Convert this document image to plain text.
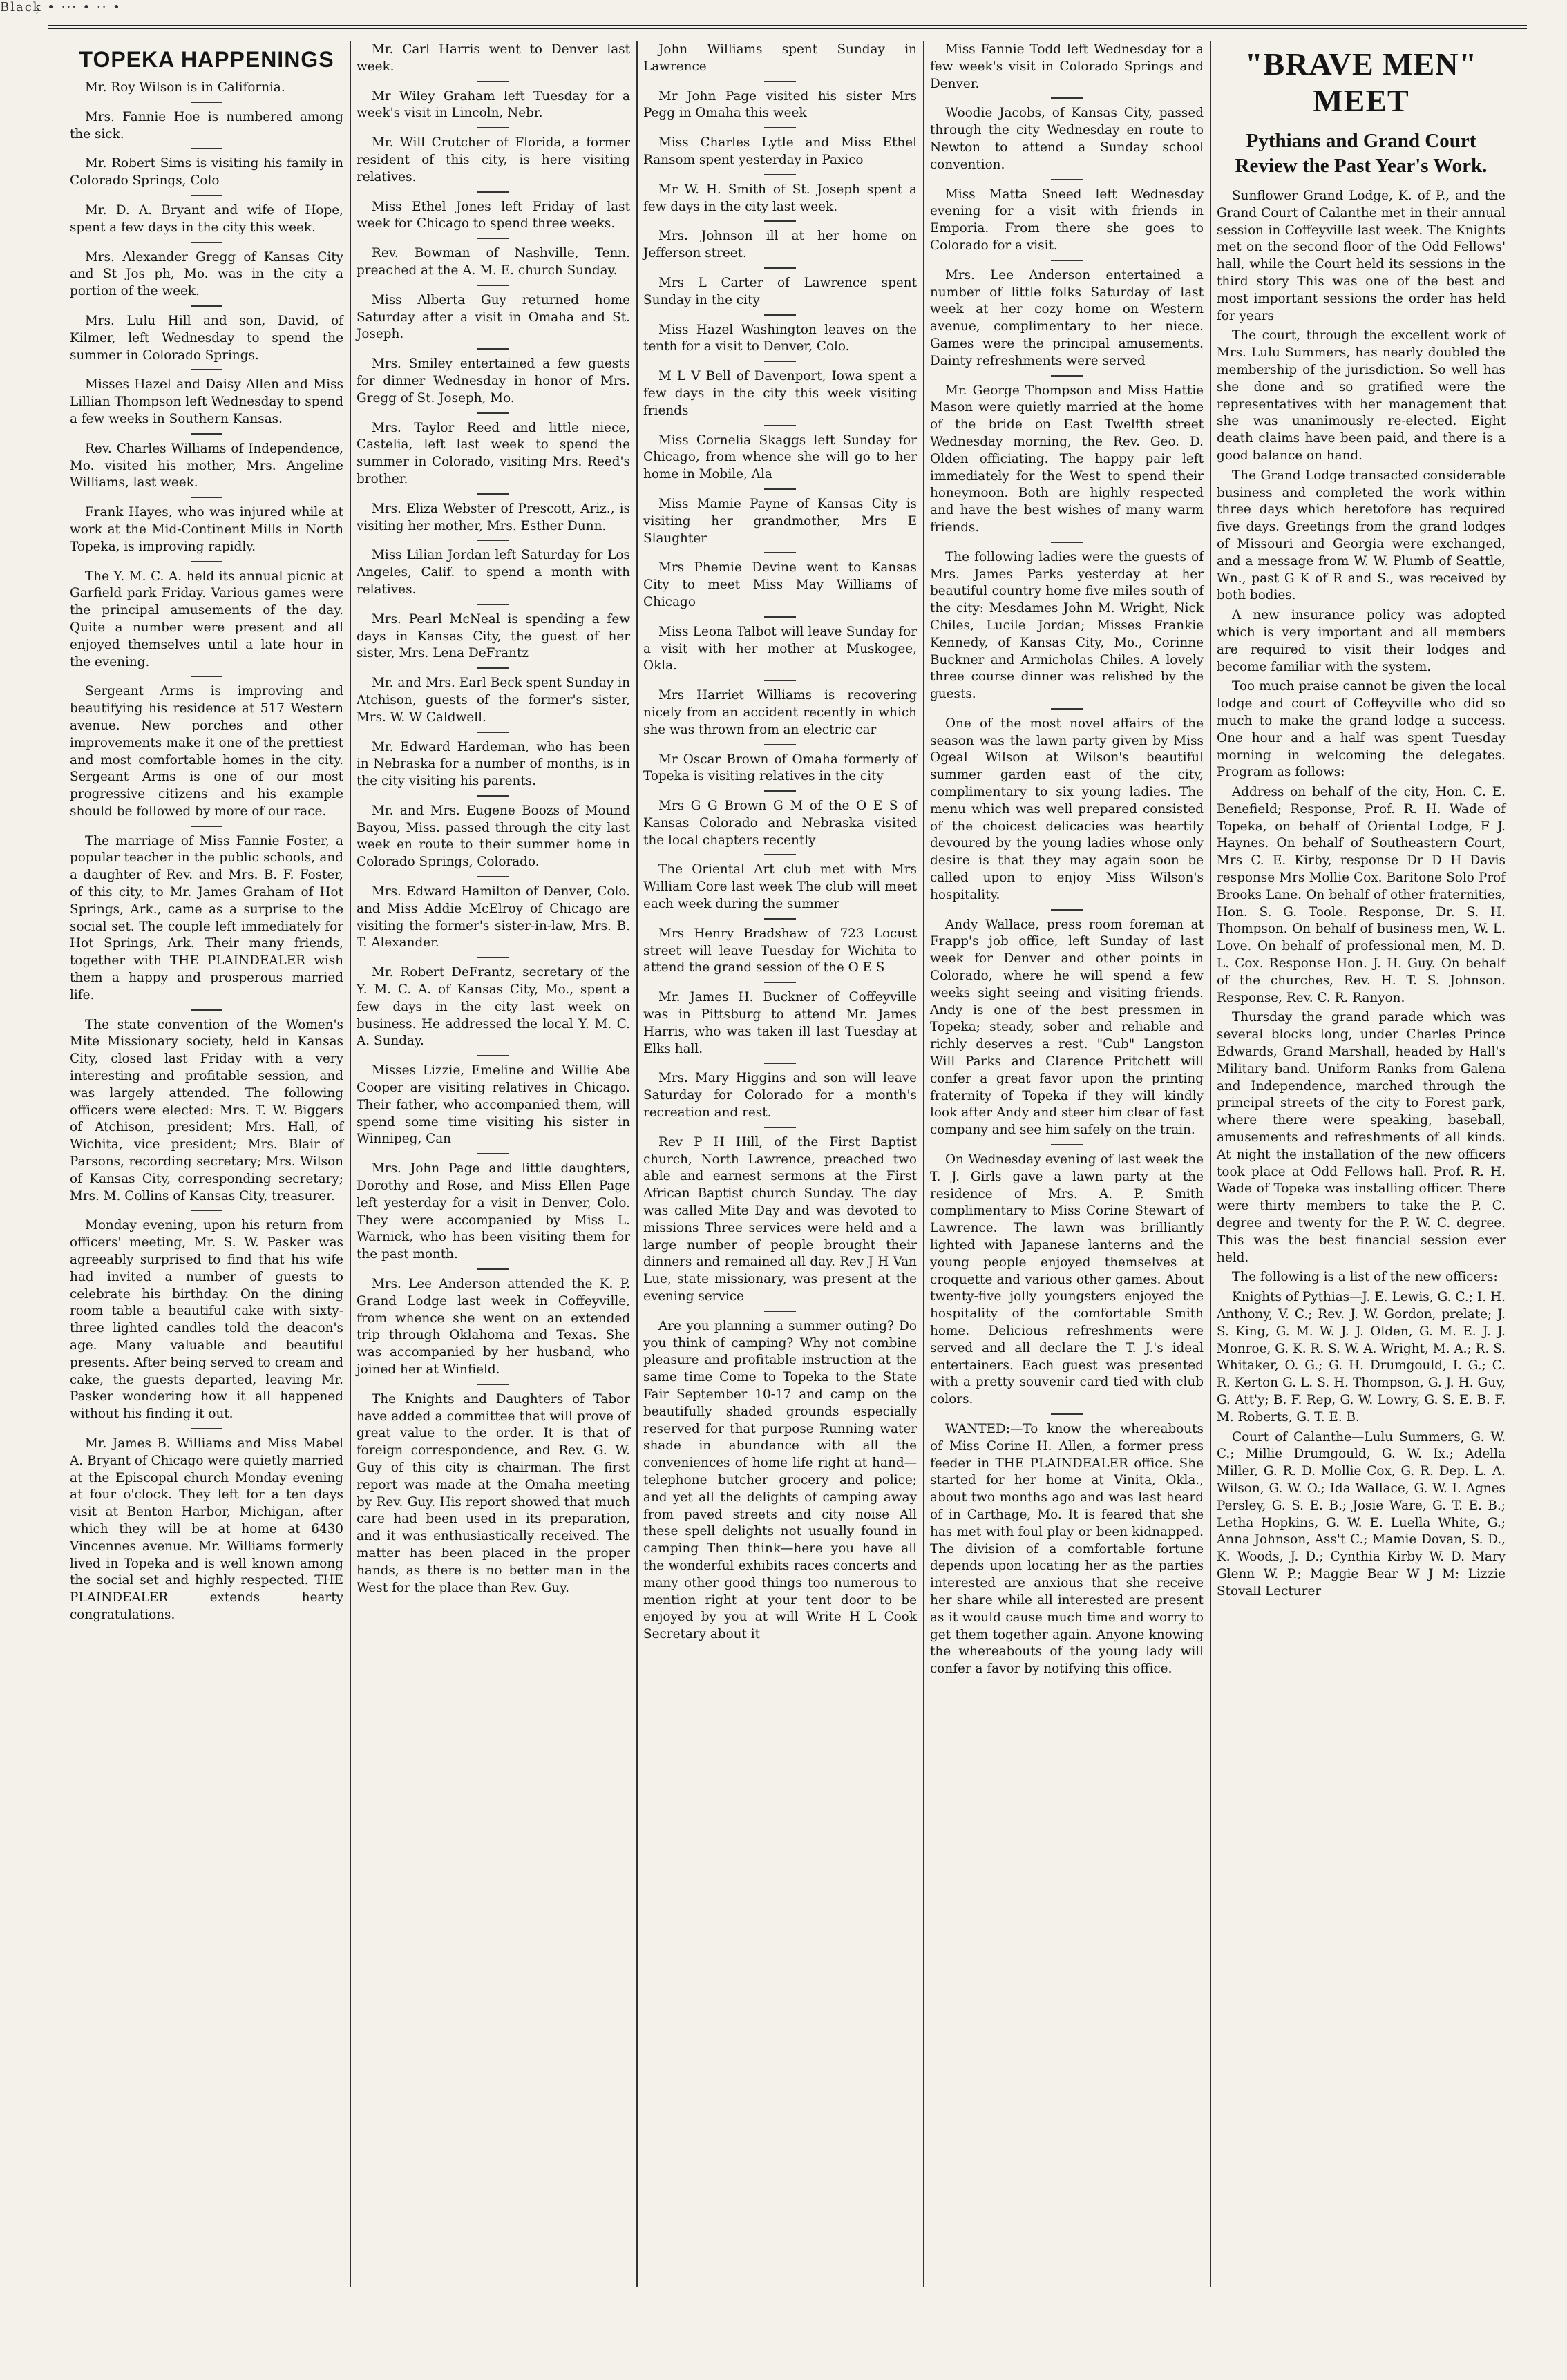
Blacķ • ··· • ·· •
TOPEKA HAPPENINGS
Mr. Roy Wilson is in California.
Mrs. Fannie Hoe is numbered among the sick.
Mr. Robert Sims is visiting his family in Colorado Springs, Colo
Mr. D. A. Bryant and wife of Hope, spent a few days in the city this week.
Mrs. Alexander Gregg of Kansas City and St Jos ph, Mo. was in the city a portion of the week.
Mrs. Lulu Hill and son, David, of Kilmer, left Wednesday to spend the summer in Colorado Springs.
Misses Hazel and Daisy Allen and Miss Lillian Thompson left Wednesday to spend a few weeks in Southern Kansas.
Rev. Charles Williams of Independence, Mo. visited his mother, Mrs. Angeline Williams, last week.
Frank Hayes, who was injured while at work at the Mid-Continent Mills in North Topeka, is improving rapidly.
The Y. M. C. A. held its annual picnic at Garfield park Friday. Various games were the principal amusements of the day. Quite a number were present and all enjoyed themselves until a late hour in the evening.
Sergeant Arms is improving and beautifying his residence at 517 Western avenue. New porches and other improvements make it one of the prettiest and most comfortable homes in the city. Sergeant Arms is one of our most progressive citizens and his example should be followed by more of our race.
The marriage of Miss Fannie Foster, a popular teacher in the public schools, and a daughter of Rev. and Mrs. B. F. Foster, of this city, to Mr. James Graham of Hot Springs, Ark., came as a surprise to the social set. The couple left immediately for Hot Springs, Ark. Their many friends, together with THE PLAINDEALER wish them a happy and prosperous married life.
The state convention of the Women's Mite Missionary society, held in Kansas City, closed last Friday with a very interesting and profitable session, and was largely attended. The following officers were elected: Mrs. T. W. Biggers of Atchison, president; Mrs. Hall, of Wichita, vice president; Mrs. Blair of Parsons, recording secretary; Mrs. Wilson of Kansas City, corresponding secretary; Mrs. M. Collins of Kansas City, treasurer.
Monday evening, upon his return from officers' meeting, Mr. S. W. Pasker was agreeably surprised to find that his wife had invited a number of guests to celebrate his birthday. On the dining room table a beautiful cake with sixty-three lighted candles told the deacon's age. Many valuable and beautiful presents. After being served to cream and cake, the guests departed, leaving Mr. Pasker wondering how it all happened without his finding it out.
Mr. James B. Williams and Miss Mabel A. Bryant of Chicago were quietly married at the Episcopal church Monday evening at four o'clock. They left for a ten days visit at Benton Harbor, Michigan, after which they will be at home at 6430 Vincennes avenue. Mr. Williams formerly lived in Topeka and is well known among the social set and highly respected. THE PLAINDEALER extends hearty congratulations.
Mr. Carl Harris went to Denver last week.
Mr Wiley Graham left Tuesday for a week's visit in Lincoln, Nebr.
Mr. Will Crutcher of Florida, a former resident of this city, is here visiting relatives.
Miss Ethel Jones left Friday of last week for Chicago to spend three weeks.
Rev. Bowman of Nashville, Tenn. preached at the A. M. E. church Sunday.
Miss Alberta Guy returned home Saturday after a visit in Omaha and St. Joseph.
Mrs. Smiley entertained a few guests for dinner Wednesday in honor of Mrs. Gregg of St. Joseph, Mo.
Mrs. Taylor Reed and little niece, Castelia, left last week to spend the summer in Colorado, visiting Mrs. Reed's brother.
Mrs. Eliza Webster of Prescott, Ariz., is visiting her mother, Mrs. Esther Dunn.
Miss Lilian Jordan left Saturday for Los Angeles, Calif. to spend a month with relatives.
Mrs. Pearl McNeal is spending a few days in Kansas City, the guest of her sister, Mrs. Lena DeFrantz
Mr. and Mrs. Earl Beck spent Sunday in Atchison, guests of the former's sister, Mrs. W. W Caldwell.
Mr. Edward Hardeman, who has been in Nebraska for a number of months, is in the city visiting his parents.
Mr. and Mrs. Eugene Boozs of Mound Bayou, Miss. passed through the city last week en route to their summer home in Colorado Springs, Colorado.
Mrs. Edward Hamilton of Denver, Colo. and Miss Addie McElroy of Chicago are visiting the former's sister-in-law, Mrs. B. T. Alexander.
Mr. Robert DeFrantz, secretary of the Y. M. C. A. of Kansas City, Mo., spent a few days in the city last week on business. He addressed the local Y. M. C. A. Sunday.
Misses Lizzie, Emeline and Willie Abe Cooper are visiting relatives in Chicago. Their father, who accompanied them, will spend some time visiting his sister in Winnipeg, Can
Mrs. John Page and little daughters, Dorothy and Rose, and Miss Ellen Page left yesterday for a visit in Denver, Colo. They were accompanied by Miss L. Warnick, who has been visiting them for the past month.
Mrs. Lee Anderson attended the K. P. Grand Lodge last week in Coffeyville, from whence she went on an extended trip through Oklahoma and Texas. She was accompanied by her husband, who joined her at Winfield.
The Knights and Daughters of Tabor have added a committee that will prove of great value to the order. It is that of foreign correspondence, and Rev. G. W. Guy of this city is chairman. The first report was made at the Omaha meeting by Rev. Guy. His report showed that much care had been used in its preparation, and it was enthusiastically received. The matter has been placed in the proper hands, as there is no better man in the West for the place than Rev. Guy.
John Williams spent Sunday in Lawrence
Mr John Page visited his sister Mrs Pegg in Omaha this week
Miss Charles Lytle and Miss Ethel Ransom spent yesterday in Paxico
Mr W. H. Smith of St. Joseph spent a few days in the city last week.
Mrs. Johnson ill at her home on Jefferson street.
Mrs L Carter of Lawrence spent Sunday in the city
Miss Hazel Washington leaves on the tenth for a visit to Denver, Colo.
M L V Bell of Davenport, Iowa spent a few days in the city this week visiting friends
Miss Cornelia Skaggs left Sunday for Chicago, from whence she will go to her home in Mobile, Ala
Miss Mamie Payne of Kansas City is visiting her grandmother, Mrs E Slaughter
Mrs Phemie Devine went to Kansas City to meet Miss May Williams of Chicago
Miss Leona Talbot will leave Sunday for a visit with her mother at Muskogee, Okla.
Mrs Harriet Williams is recovering nicely from an accident recently in which she was thrown from an electric car
Mr Oscar Brown of Omaha formerly of Topeka is visiting relatives in the city
Mrs G G Brown G M of the O E S of Kansas Colorado and Nebraska visited the local chapters recently
The Oriental Art club met with Mrs William Core last week The club will meet each week during the summer
Mrs Henry Bradshaw of 723 Locust street will leave Tuesday for Wichita to attend the grand session of the O E S
Mr. James H. Buckner of Coffeyville was in Pittsburg to attend Mr. James Harris, who was taken ill last Tuesday at Elks hall.
Mrs. Mary Higgins and son will leave Saturday for Colorado for a month's recreation and rest.
Rev P H Hill, of the First Baptist church, North Lawrence, preached two able and earnest sermons at the First African Baptist church Sunday. The day was called Mite Day and was devoted to missions Three services were held and a large number of people brought their dinners and remained all day. Rev J H Van Lue, state missionary, was present at the evening service
Are you planning a summer outing? Do you think of camping? Why not combine pleasure and profitable instruction at the same time Come to Topeka to the State Fair September 10-17 and camp on the beautifully shaded grounds especially reserved for that purpose Running water shade in abundance with all the conveniences of home life right at hand—telephone butcher grocery and police; and yet all the delights of camping away from paved streets and city noise All these spell delights not usually found in camping Then think—here you have all the wonderful exhibits races concerts and many other good things too numerous to mention right at your tent door to be enjoyed by you at will Write H L Cook Secretary about it
Miss Fannie Todd left Wednesday for a few week's visit in Colorado Springs and Denver.
Woodie Jacobs, of Kansas City, passed through the city Wednesday en route to Newton to attend a Sunday school convention.
Miss Matta Sneed left Wednesday evening for a visit with friends in Emporia. From there she goes to Colorado for a visit.
Mrs. Lee Anderson entertained a number of little folks Saturday of last week at her cozy home on Western avenue, complimentary to her niece. Games were the principal amusements. Dainty refreshments were served
Mr. George Thompson and Miss Hattie Mason were quietly married at the home of the bride on East Twelfth street Wednesday morning, the Rev. Geo. D. Olden officiating. The happy pair left immediately for the West to spend their honeymoon. Both are highly respected and have the best wishes of many warm friends.
The following ladies were the guests of Mrs. James Parks yesterday at her beautiful country home five miles south of the city: Mesdames John M. Wright, Nick Chiles, Lucile Jordan; Misses Frankie Kennedy, of Kansas City, Mo., Corinne Buckner and Armicholas Chiles. A lovely three course dinner was relished by the guests.
One of the most novel affairs of the season was the lawn party given by Miss Ogeal Wilson at Wilson's beautiful summer garden east of the city, complimentary to six young ladies. The menu which was well prepared consisted of the choicest delicacies was heartily devoured by the young ladies whose only desire is that they may again soon be called upon to enjoy Miss Wilson's hospitality.
Andy Wallace, press room foreman at Frapp's job office, left Sunday of last week for Denver and other points in Colorado, where he will spend a few weeks sight seeing and visiting friends. Andy is one of the best pressmen in Topeka; steady, sober and reliable and richly deserves a rest. "Cub" Langston Will Parks and Clarence Pritchett will confer a great favor upon the printing fraternity of Topeka if they will kindly look after Andy and steer him clear of fast company and see him safely on the train.
On Wednesday evening of last week the T. J. Girls gave a lawn party at the residence of Mrs. A. P. Smith complimentary to Miss Corine Stewart of Lawrence. The lawn was brilliantly lighted with Japanese lanterns and the young people enjoyed themselves at croquette and various other games. About twenty-five jolly youngsters enjoyed the hospitality of the comfortable Smith home. Delicious refreshments were served and all declare the T. J.'s ideal entertainers. Each guest was presented with a pretty souvenir card tied with club colors.
WANTED:—To know the whereabouts of Miss Corine H. Allen, a former press feeder in THE PLAINDEALER office. She started for her home at Vinita, Okla., about two months ago and was last heard of in Carthage, Mo. It is feared that she has met with foul play or been kidnapped. The division of a comfortable fortune depends upon locating her as the parties interested are anxious that she receive her share while all interested are present as it would cause much time and worry to get them together again. Anyone knowing the whereabouts of the young lady will confer a favor by notifying this office.
"BRAVE MEN" MEET
Pythians and Grand Court Review the Past Year's Work.
Sunflower Grand Lodge, K. of P., and the Grand Court of Calanthe met in their annual session in Coffeyville last week. The Knights met on the second floor of the Odd Fellows' hall, while the Court held its sessions in the third story This was one of the best and most important sessions the order has held for years
The court, through the excellent work of Mrs. Lulu Summers, has nearly doubled the membership of the jurisdiction. So well has she done and so gratified were the representatives with her management that she was unanimously re-elected. Eight death claims have been paid, and there is a good balance on hand.
The Grand Lodge transacted considerable business and completed the work within three days which heretofore has required five days. Greetings from the grand lodges of Missouri and Georgia were exchanged, and a message from W. W. Plumb of Seattle, Wn., past G K of R and S., was received by both bodies.
A new insurance policy was adopted which is very important and all members are required to visit their lodges and become familiar with the system.
Too much praise cannot be given the local lodge and court of Coffeyville who did so much to make the grand lodge a success. One hour and a half was spent Tuesday morning in welcoming the delegates. Program as follows:
Address on behalf of the city, Hon. C. E. Benefield; Response, Prof. R. H. Wade of Topeka, on behalf of Oriental Lodge, F J. Haynes. On behalf of Southeastern Court, Mrs C. E. Kirby, response Dr D H Davis response Mrs Mollie Cox. Baritone Solo Prof Brooks Lane. On behalf of other fraternities, Hon. S. G. Toole. Response, Dr. S. H. Thompson. On behalf of business men, W. L. Love. On behalf of professional men, M. D. L. Cox. Response Hon. J. H. Guy. On behalf of the churches, Rev. H. T. S. Johnson. Response, Rev. C. R. Ranyon.
Thursday the grand parade which was several blocks long, under Charles Prince Edwards, Grand Marshall, headed by Hall's Military band. Uniform Ranks from Galena and Independence, marched through the principal streets of the city to Forest park, where there were speaking, baseball, amusements and refreshments of all kinds. At night the installation of the new officers took place at Odd Fellows hall. Prof. R. H. Wade of Topeka was installing officer. There were thirty members to take the P. C. degree and twenty for the P. W. C. degree. This was the best financial session ever held.
The following is a list of the new officers:
Knights of Pythias—J. E. Lewis, G. C.; I. H. Anthony, V. C.; Rev. J. W. Gordon, prelate; J. S. King, G. M. W. J. J. Olden, G. M. E. J. J. Monroe, G. K. R. S. W. A. Wright, M. A.; R. S. Whitaker, O. G.; G. H. Drumgould, I. G.; C. R. Kerton G. L. S. H. Thompson, G. J. H. Guy, G. Att'y; B. F. Rep, G. W. Lowry, G. S. E. B. F. M. Roberts, G. T. E. B.
Court of Calanthe—Lulu Summers, G. W. C.; Millie Drumgould, G. W. Ix.; Adella Miller, G. R. D. Mollie Cox, G. R. Dep. L. A. Wilson, G. W. O.; Ida Wallace, G. W. I. Agnes Persley, G. S. E. B.; Josie Ware, G. T. E. B.; Letha Hopkins, G. W. E. Luella White, G.; Anna Johnson, Ass't C.; Mamie Dovan, S. D., K. Woods, J. D.; Cynthia Kirby W. D. Mary Glenn W. P.; Maggie Bear W J M: Lizzie Stovall Lecturer
